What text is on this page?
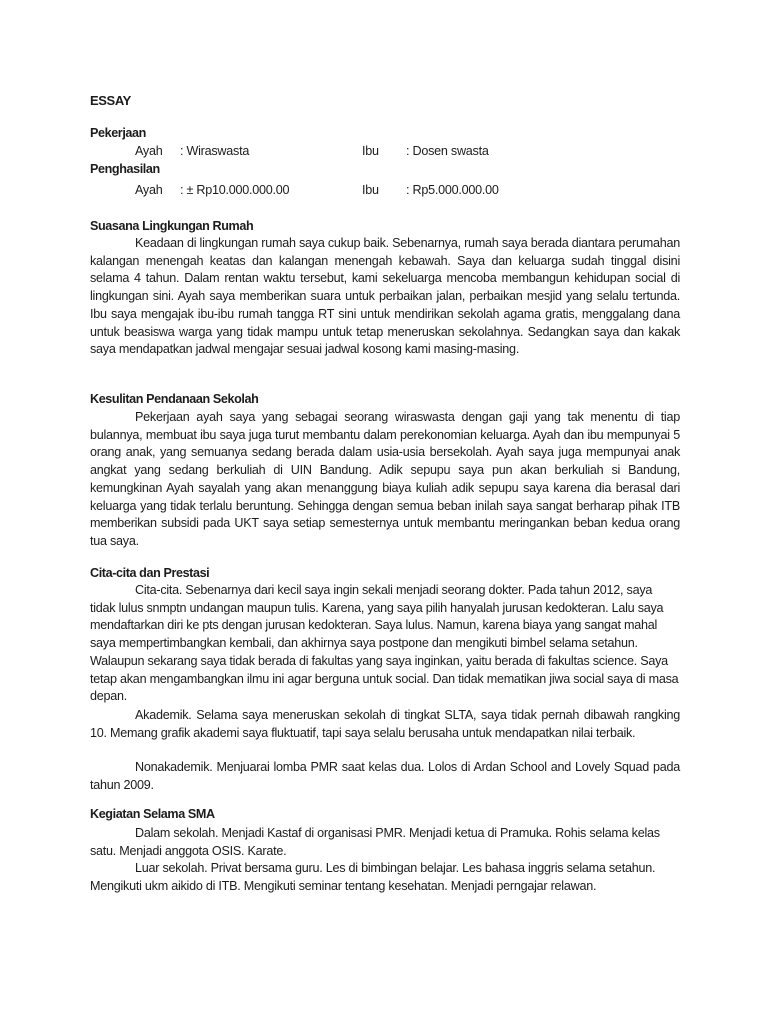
ESSAY
Pekerjaan
Ayah : Wiraswasta	Ibu : Dosen swasta
Penghasilan
Ayah : ± Rp10.000.000.00	Ibu : Rp5.000.000.00
Suasana Lingkungan Rumah
Keadaan di lingkungan rumah saya cukup baik. Sebenarnya, rumah saya berada diantara perumahan kalangan menengah keatas dan kalangan menengah kebawah. Saya dan keluarga sudah tinggal disini selama 4 tahun. Dalam rentan waktu tersebut, kami sekeluarga mencoba membangun kehidupan social di lingkungan sini. Ayah saya memberikan suara untuk perbaikan jalan, perbaikan mesjid yang selalu tertunda. Ibu saya mengajak ibu-ibu rumah tangga RT sini untuk mendirikan sekolah agama gratis, menggalang dana untuk beasiswa warga yang tidak mampu untuk tetap meneruskan sekolahnya. Sedangkan saya dan kakak saya mendapatkan jadwal mengajar sesuai jadwal kosong kami masing-masing.
Kesulitan Pendanaan Sekolah
Pekerjaan ayah saya yang sebagai seorang wiraswasta dengan gaji yang tak menentu di tiap bulannya, membuat ibu saya juga turut membantu dalam perekonomian keluarga. Ayah dan ibu mempunyai 5 orang anak, yang semuanya sedang berada dalam usia-usia bersekolah. Ayah saya juga mempunyai anak angkat yang sedang berkuliah di UIN Bandung. Adik sepupu saya pun akan berkuliah si Bandung, kemungkinan Ayah sayalah yang akan menanggung biaya kuliah adik sepupu saya karena dia berasal dari keluarga yang tidak terlalu beruntung. Sehingga dengan semua beban inilah saya sangat berharap pihak ITB memberikan subsidi pada UKT saya setiap semesternya untuk membantu meringankan beban kedua orang tua saya.
Cita-cita dan Prestasi
Cita-cita. Sebenarnya dari kecil saya ingin sekali menjadi seorang dokter. Pada tahun 2012, saya tidak lulus snmptn undangan maupun tulis. Karena, yang saya pilih hanyalah jurusan kedokteran. Lalu saya mendaftarkan diri ke pts dengan jurusan kedokteran. Saya lulus. Namun, karena biaya yang sangat mahal saya mempertimbangkan kembali, dan akhirnya saya postpone dan mengikuti bimbel selama setahun. Walaupun sekarang saya tidak berada di fakultas yang saya inginkan, yaitu berada di fakultas science. Saya tetap akan mengambangkan ilmu ini agar berguna untuk social. Dan tidak mematikan jiwa social saya di masa depan.
Akademik. Selama saya meneruskan sekolah di tingkat SLTA, saya tidak pernah dibawah rangking 10. Memang grafik akademi saya fluktuatif, tapi saya selalu berusaha untuk mendapatkan nilai terbaik.
Nonakademik. Menjuarai lomba PMR saat kelas dua. Lolos di Ardan School and Lovely Squad pada tahun 2009.
Kegiatan Selama SMA
Dalam sekolah. Menjadi Kastaf di organisasi PMR. Menjadi ketua di Pramuka. Rohis selama kelas satu. Menjadi anggota OSIS. Karate.
Luar sekolah. Privat bersama guru. Les di bimbingan belajar. Les bahasa inggris selama setahun. Mengikuti ukm aikido di ITB. Mengikuti seminar tentang kesehatan. Menjadi perngajar relawan.
